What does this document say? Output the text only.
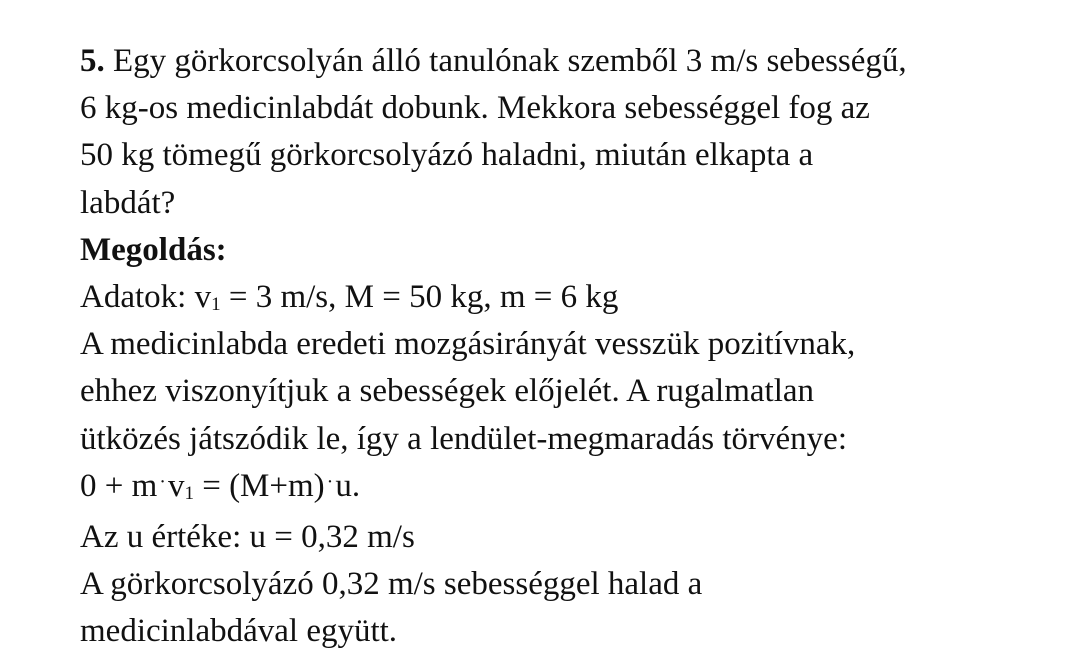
5. Egy görkorcsolyán álló tanulónak szemből 3 m/s sebességű,
6 kg-os medicinlabdát dobunk. Mekkora sebességgel fog az
50 kg tömegű görkorcsolyázó haladni, miután elkapta a
labdát?
Megoldás:
Adatok: $v_1 = 3$ m/s, M = 50 kg, m = 6 kg
A medicinlabda eredeti mozgásirányát vesszük pozitívnak,
ehhez viszonyítjuk a sebességek előjelét. A rugalmatlan
ütközés játszódik le, így a lendület-megmaradás törvénye:
0 + m $^\cdot v_1 = (M+m)$ ·u.
Az u értéke: u = 0,32 m/s
A görkorcsolyázó 0,32 m/s sebességgel halad a
medicinlabdával együtt.
